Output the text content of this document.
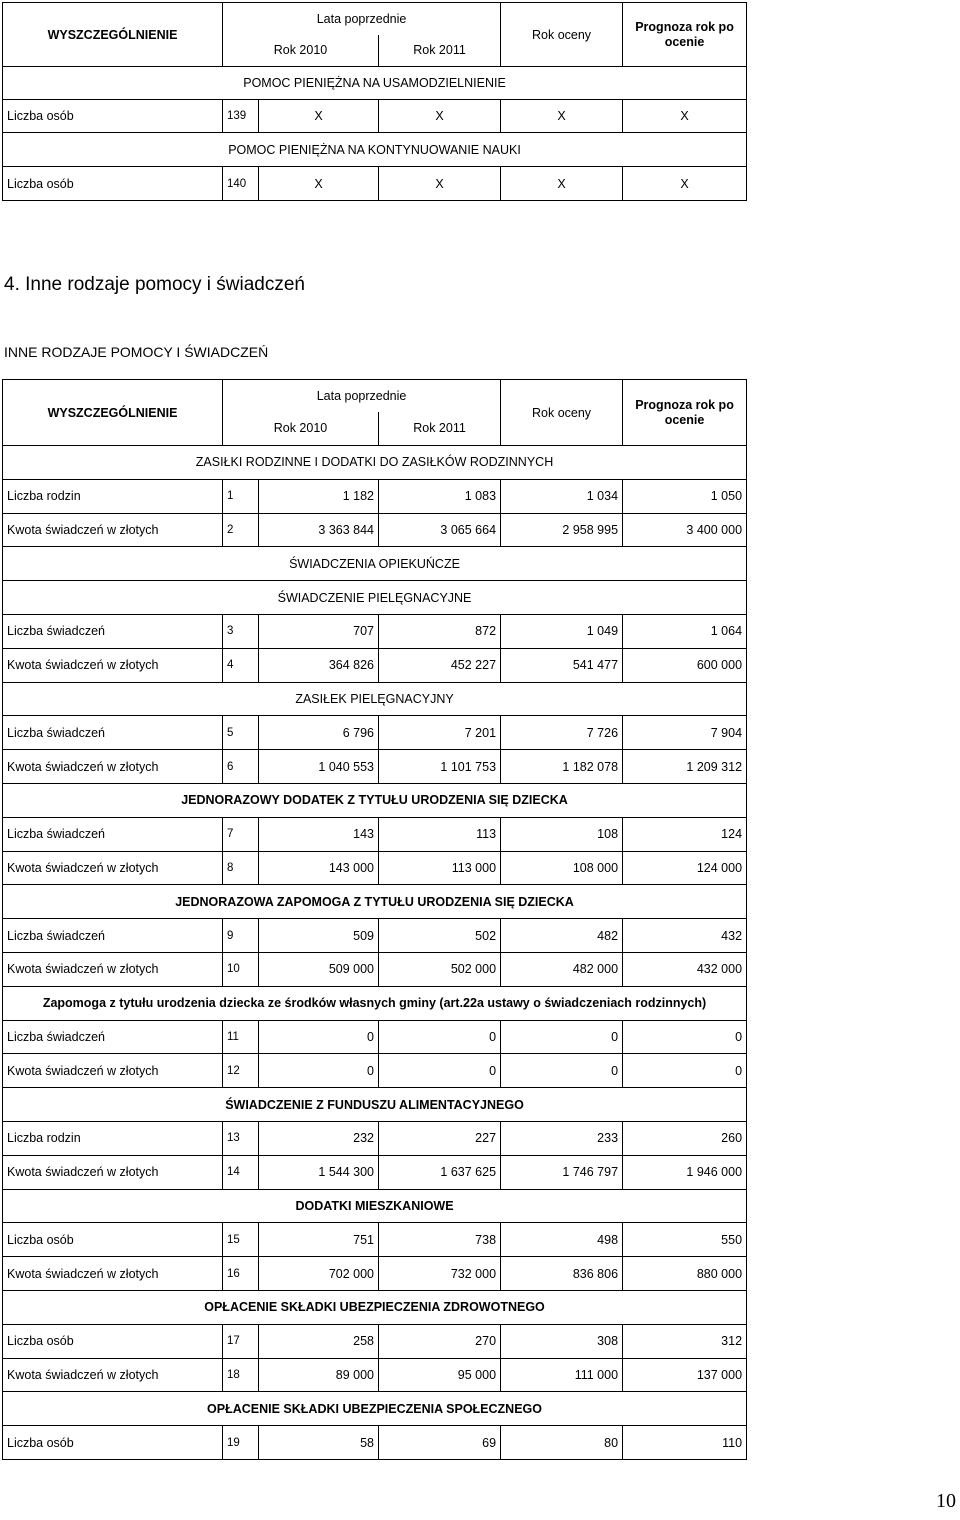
WYSZCZEGÓLNIENIE	Lata poprzednie			Rok oceny	Prognoza rok po ocenie
	Rok 2010		Rok 2011		
POMOC PIENIĘŻNA NA USAMODZIELNIENIE					
Liczba osób	139	X	X	X	X
POMOC PIENIĘŻNA NA KONTYNUOWANIE NAUKI					
Liczba osób	140	X	X	X	X
4. Inne rodzaje pomocy i świadczeń
INNE RODZAJE POMOCY I ŚWIADCZEŃ
WYSZCZEGÓLNIENIE	Lata poprzednie			Rok oceny	Prognoza rok po ocenie
	Rok 2010		Rok 2011		
ZASIŁKI RODZINNE I DODATKI DO ZASIŁKÓW RODZINNYCH					
Liczba rodzin	1	1 182	1 083	1 034	1 050
Kwota świadczeń w złotych	2	3 363 844	3 065 664	2 958 995	3 400 000
ŚWIADCZENIA OPIEKUŃCZE					
ŚWIADCZENIE PIELĘGNACYJNE					
Liczba świadczeń	3	707	872	1 049	1 064
Kwota świadczeń w złotych	4	364 826	452 227	541 477	600 000
ZASIŁEK PIELĘGNACYJNY					
Liczba świadczeń	5	6 796	7 201	7 726	7 904
Kwota świadczeń w złotych	6	1 040 553	1 101 753	1 182 078	1 209 312
JEDNORAZOWY DODATEK Z TYTUŁU URODZENIA SIĘ DZIECKA					
Liczba świadczeń	7	143	113	108	124
Kwota świadczeń w złotych	8	143 000	113 000	108 000	124 000
JEDNORAZOWA ZAPOMOGA Z TYTUŁU URODZENIA SIĘ DZIECKA					
Liczba świadczeń	9	509	502	482	432
Kwota świadczeń w złotych	10	509 000	502 000	482 000	432 000
Zapomoga z tytułu urodzenia dziecka ze środków własnych gminy (art.22a ustawy o świadczeniach rodzinnych)					
Liczba świadczeń	11	0	0	0	0
Kwota świadczeń w złotych	12	0	0	0	0
ŚWIADCZENIE Z FUNDUSZU ALIMENTACYJNEGO					
Liczba rodzin	13	232	227	233	260
Kwota świadczeń w złotych	14	1 544 300	1 637 625	1 746 797	1 946 000
DODATKI MIESZKANIOWE					
Liczba osób	15	751	738	498	550
Kwota świadczeń w złotych	16	702 000	732 000	836 806	880 000
OPŁACENIE SKŁADKI UBEZPIECZENIA ZDROWOTNEGO					
Liczba osób	17	258	270	308	312
Kwota świadczeń w złotych	18	89 000	95 000	111 000	137 000
OPŁACENIE SKŁADKI UBEZPIECZENIA SPOŁECZNEGO					
Liczba osób	19	58	69	80	110
10
